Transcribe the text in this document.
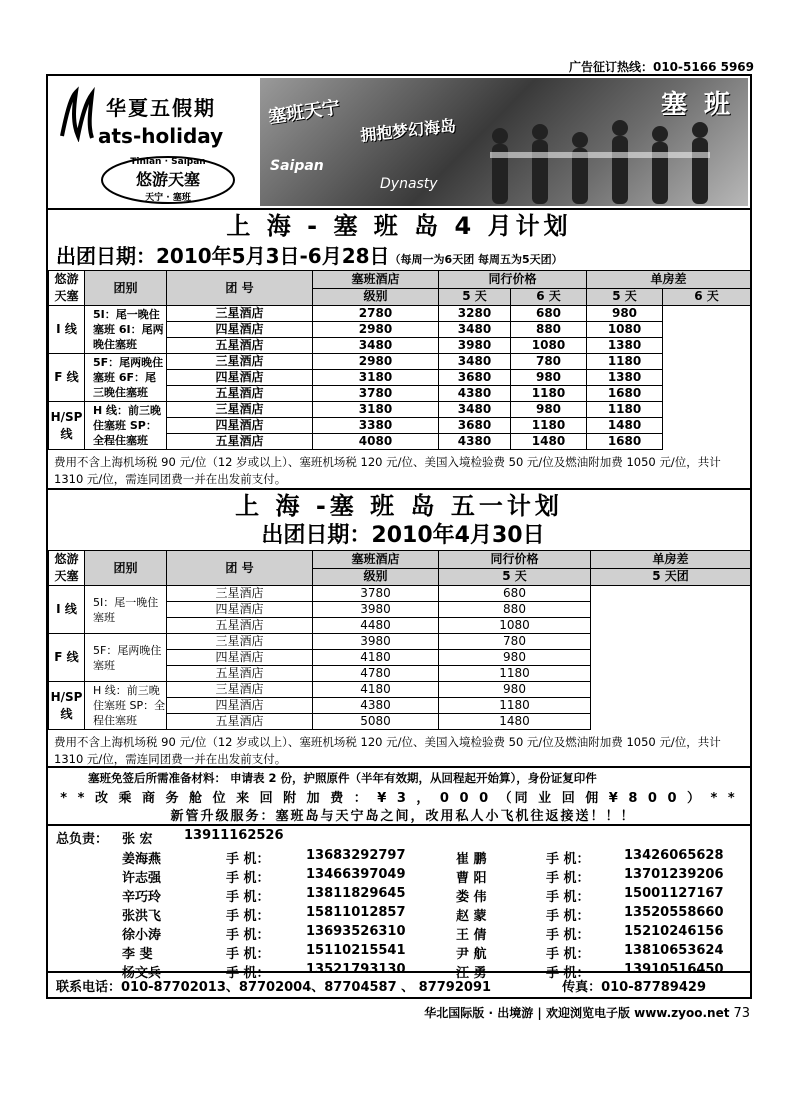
广告征订热线：010-5166 5969
华夏五假期
ats-holiday
Tinian · Saipan
悠游天塞
天宁 · 塞班
塞班天宁
拥抱梦幻海岛
塞 班
Saipan
Dynasty
上 海 - 塞 班 岛 4 月计划
出团日期：2010年5月3日-6月28日（每周一为6天团 每周五为5天团）
悠游天塞	团别	团 号	塞班酒店	同行价格		单房差	
			级别	5 天	6 天	5 天	6 天
I 线	5I：尾一晚住塞班 6I：尾两晚住塞班	三星酒店	2780	3280	680	980	
		四星酒店	2980	3480	880	1080	
		五星酒店	3480	3980	1080	1380	
F 线	5F：尾两晚住塞班 6F：尾三晚住塞班	三星酒店	2980	3480	780	1180	
		四星酒店	3180	3680	980	1380	
		五星酒店	3780	4380	1180	1680	
H/SP 线	H 线：前三晚住塞班 SP：全程住塞班	三星酒店	3180	3480	980	1180	
		四星酒店	3380	3680	1180	1480	
		五星酒店	4080	4380	1480	1680	
费用不含上海机场税 90 元/位（12 岁或以上）、塞班机场税 120 元/位、美国入境检验费 50 元/位及燃油附加费 1050 元/位，共计 1310 元/位，需连同团费一并在出发前支付。
上 海 -塞 班 岛 五一计划
出团日期：2010年4月30日
悠游天塞	团别	团 号	塞班酒店	同行价格	单房差
			级别	5 天	5 天团
I 线	5I：尾一晚住塞班	三星酒店	3780	680	
		四星酒店	3980	880	
		五星酒店	4480	1080	
F 线	5F：尾两晚住塞班	三星酒店	3980	780	
		四星酒店	4180	980	
		五星酒店	4780	1180	
H/SP 线	H 线：前三晚住塞班 SP：全程住塞班	三星酒店	4180	980	
		四星酒店	4380	1180	
		五星酒店	5080	1480	
费用不含上海机场税 90 元/位（12 岁或以上）、塞班机场税 120 元/位、美国入境检验费 50 元/位及燃油附加费 1050 元/位，共计 1310 元/位，需连同团费一并在出发前支付。
塞班免签后所需准备材料： 申请表 2 份，护照原件（半年有效期，从回程起开始算），身份证复印件
* * 改 乘 商 务 舱 位 来 回 附 加 费 ： ¥ 3 ， 0 0 0 （同 业 回 佣 ¥ 8 0 0 ） * *
新管升级服务：塞班岛与天宁岛之间，改用私人小飞机往返接送！！！
总负责： 张 宏 13911162526
姜海燕	手 机：	13683292797	崔 鹏	手 机：	13426065628
许志强	手 机：	13466397049	曹 阳	手 机：	13701239206
辛巧玲	手 机：	13811829645	娄 伟	手 机：	15001127167
张洪飞	手 机：	15811012857	赵 蒙	手 机：	13520558660
徐小涛	手 机：	13693526310	王 倩	手 机：	15210246156
李 斐	手 机：	15110215541	尹 航	手 机：	13810653624
杨文兵	手 机：	13521793130	汪 勇	手 机：	13910516450
联系电话：010-87702013、87702004、87704587 、 87792091	传真：010-87789429
华北国际版 · 出境游 | 欢迎浏览电子版 www.zyoo.net 73
